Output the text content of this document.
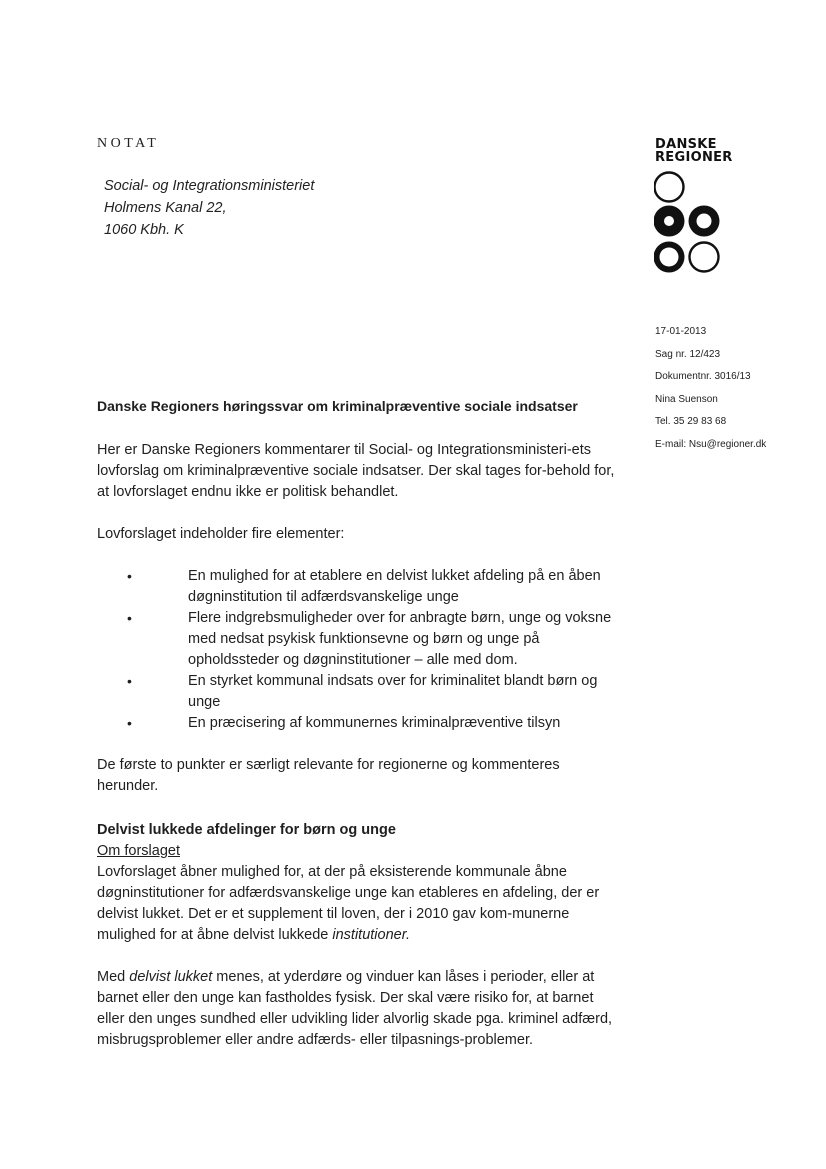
NOTAT
Social- og Integrationsministeriet
Holmens Kanal 22,
1060 Kbh. K
DANSKE
REGIONER
17-01-2013
Sag nr. 12/423
Dokumentnr. 3016/13
Nina Suenson
Tel. 35 29 83 68
E-mail: Nsu@regioner.dk

Danske Regioners høringssvar om kriminalpræventive sociale indsatser

Her er Danske Regioners kommentarer til Social- og Integrationsministeri-ets lovforslag om kriminalpræventive sociale indsatser. Der skal tages for-behold for, at lovforslaget endnu ikke er politisk behandlet.

Lovforslaget indeholder fire elementer:

•	En mulighed for at etablere en delvist lukket afdeling på en åben døgninstitution til adfærdsvanskelige unge
•	Flere indgrebsmuligheder over for anbragte børn, unge og voksne med nedsat psykisk funktionsevne og børn og unge på opholdssteder og døgninstitutioner – alle med dom.
•	En styrket kommunal indsats over for kriminalitet blandt børn og unge
•	En præcisering af kommunernes kriminalpræventive tilsyn

De første to punkter er særligt relevante for regionerne og kommenteres herunder.

Delvist lukkede afdelinger for børn og unge

Om forslaget

Lovforslaget åbner mulighed for, at der på eksisterende kommunale åbne døgninstitutioner for adfærdsvanskelige unge kan etableres en afdeling, der er delvist lukket. Det er et supplement til loven, der i 2010 gav kom-munerne mulighed for at åbne delvist lukkede institutioner.

Med delvist lukket menes, at yderdøre og vinduer kan låses i perioder, eller at barnet eller den unge kan fastholdes fysisk. Der skal være risiko for, at barnet eller den unges sundhed eller udvikling lider alvorlig skade pga. kriminel adfærd, misbrugsproblemer eller andre adfærds- eller tilpasnings-problemer.
